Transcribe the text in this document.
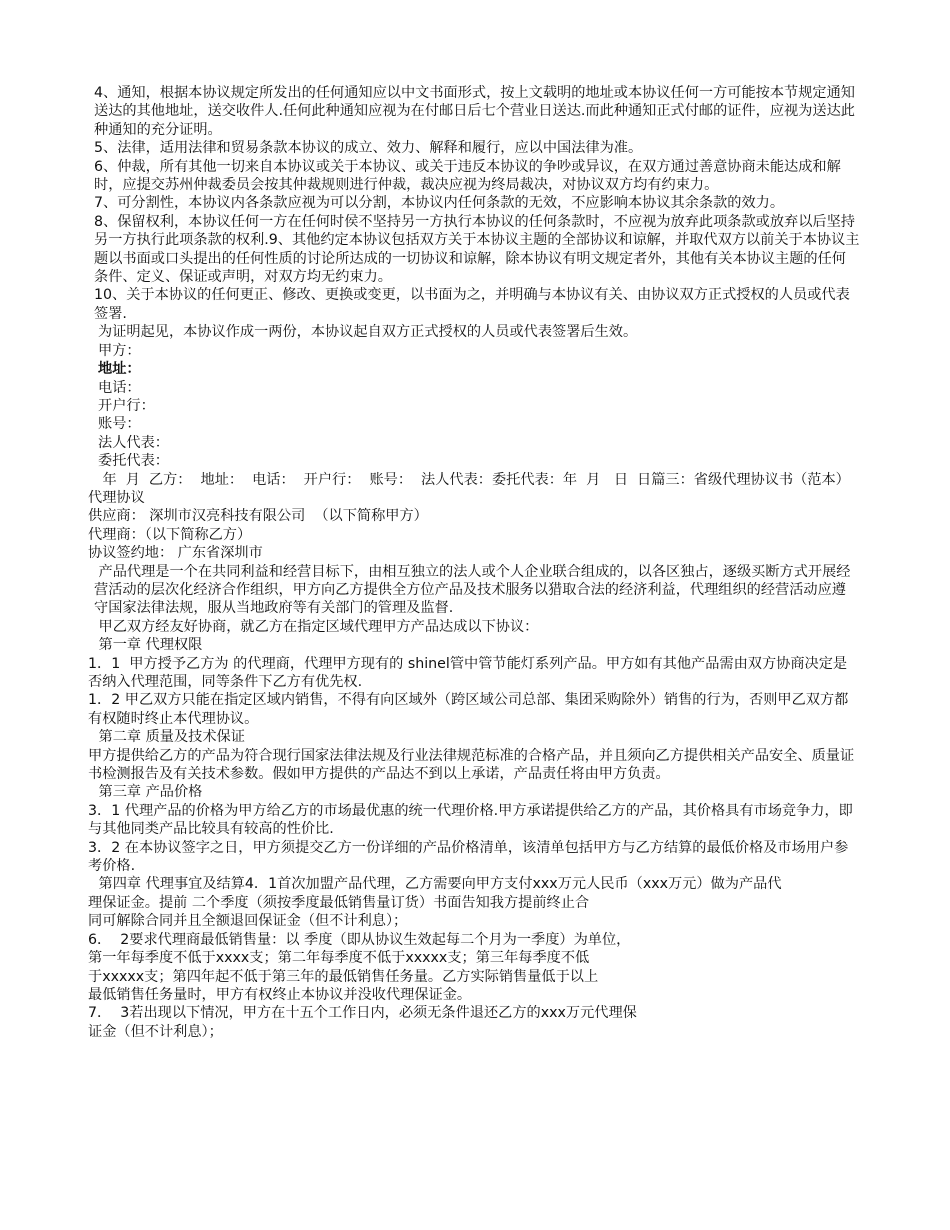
4、通知，根据本协议规定所发出的任何通知应以中文书面形式，按上文载明的地址或本协议任何一方可能按本节规定通知送达的其他地址，送交收件人.任何此种通知应视为在付邮日后七个营业日送达.而此种通知正式付邮的证件，应视为送达此种通知的充分证明。

5、法律，适用法律和贸易条款本协议的成立、效力、解释和履行，应以中国法律为准。

6、仲裁，所有其他一切来自本协议或关于本协议、或关于违反本协议的争吵或异议，在双方通过善意协商未能达成和解时，应提交苏州仲裁委员会按其仲裁规则进行仲裁，裁决应视为终局裁决，对协议双方均有约束力。

7、可分割性，本协议内各条款应视为可以分割，本协议内任何条款的无效，不应影响本协议其余条款的效力。

8、保留权利，本协议任何一方在任何时侯不坚持另一方执行本协议的任何条款时，不应视为放弃此项条款或放弃以后坚持另一方执行此项条款的权利.9、其他约定本协议包括双方关于本协议主题的全部协议和谅解，并取代双方以前关于本协议主题以书面或口头提出的任何性质的讨论所达成的一切协议和谅解，除本协议有明文规定者外，其他有关本协议主题的任何条件、定义、保证或声明，对双方均无约束力。

10、关于本协议的任何更正、修改、更换或变更，以书面为之，并明确与本协议有关、由协议双方正式授权的人员或代表签署.

为证明起见，本协议作成一两份，本协议起自双方正式授权的人员或代表签署后生效。

甲方：

地址：

电话：

开户行：

账号：

法人代表：

委托代表：

年  月  乙方：  地址：  电话：  开户行：  账号：  法人代表：委托代表：年  月   日  日篇三：省级代理协议书（范本）

代理协议

供应商： 深圳市汉亮科技有限公司  （以下简称甲方）

代理商：（以下简称乙方）

协议签约地： 广东省深圳市

产品代理是一个在共同利益和经营目标下，由相互独立的法人或个人企业联合组成的，以各区独占，逐级买断方式开展经营活动的层次化经济合作组织，甲方向乙方提供全方位产品及技术服务以猎取合法的经济利益，代理组织的经营活动应遵守国家法律法规，服从当地政府等有关部门的管理及监督.

甲乙双方经友好协商，就乙方在指定区域代理甲方产品达成以下协议：

第一章 代理权限

1．1  甲方授予乙方为 的代理商，代理甲方现有的 shinel管中管节能灯系列产品。甲方如有其他产品需由双方协商决定是否纳入代理范围，同等条件下乙方有优先权.

1．2 甲乙双方只能在指定区域内销售，不得有向区域外（跨区域公司总部、集团采购除外）销售的行为，否则甲乙双方都有权随时终止本代理协议。

第二章 质量及技术保证

甲方提供给乙方的产品为符合现行国家法律法规及行业法律规范标准的合格产品，并且须向乙方提供相关产品安全、质量证书检测报告及有关技术参数。假如甲方提供的产品达不到以上承诺，产品责任将由甲方负责。

第三章 产品价格

3．1 代理产品的价格为甲方给乙方的市场最优惠的统一代理价格.甲方承诺提供给乙方的产品，其价格具有市场竞争力，即与其他同类产品比较具有较高的性价比.

3．2 在本协议签字之日，甲方须提交乙方一份详细的产品价格清单，该清单包括甲方与乙方结算的最低价格及市场用户参考价格.

第四章 代理事宜及结算4．1首次加盟产品代理，乙方需要向甲方支付xxx万元人民币（xxx万元）做为产品代

理保证金。提前 二个季度（须按季度最低销售量订货）书面告知我方提前终止合

同可解除合同并且全额退回保证金（但不计利息）；

6．  2要求代理商最低销售量：以 季度（即从协议生效起每二个月为一季度）为单位，

第一年每季度不低于xxxx支；第二年每季度不低于xxxxx支；第三年每季度不低

于xxxxx支；第四年起不低于第三年的最低销售任务量。乙方实际销售量低于以上

最低销售任务量时，甲方有权终止本协议并没收代理保证金。

7．  3若出现以下情况，甲方在十五个工作日内，必须无条件退还乙方的xxx万元代理保

证金（但不计利息）；
